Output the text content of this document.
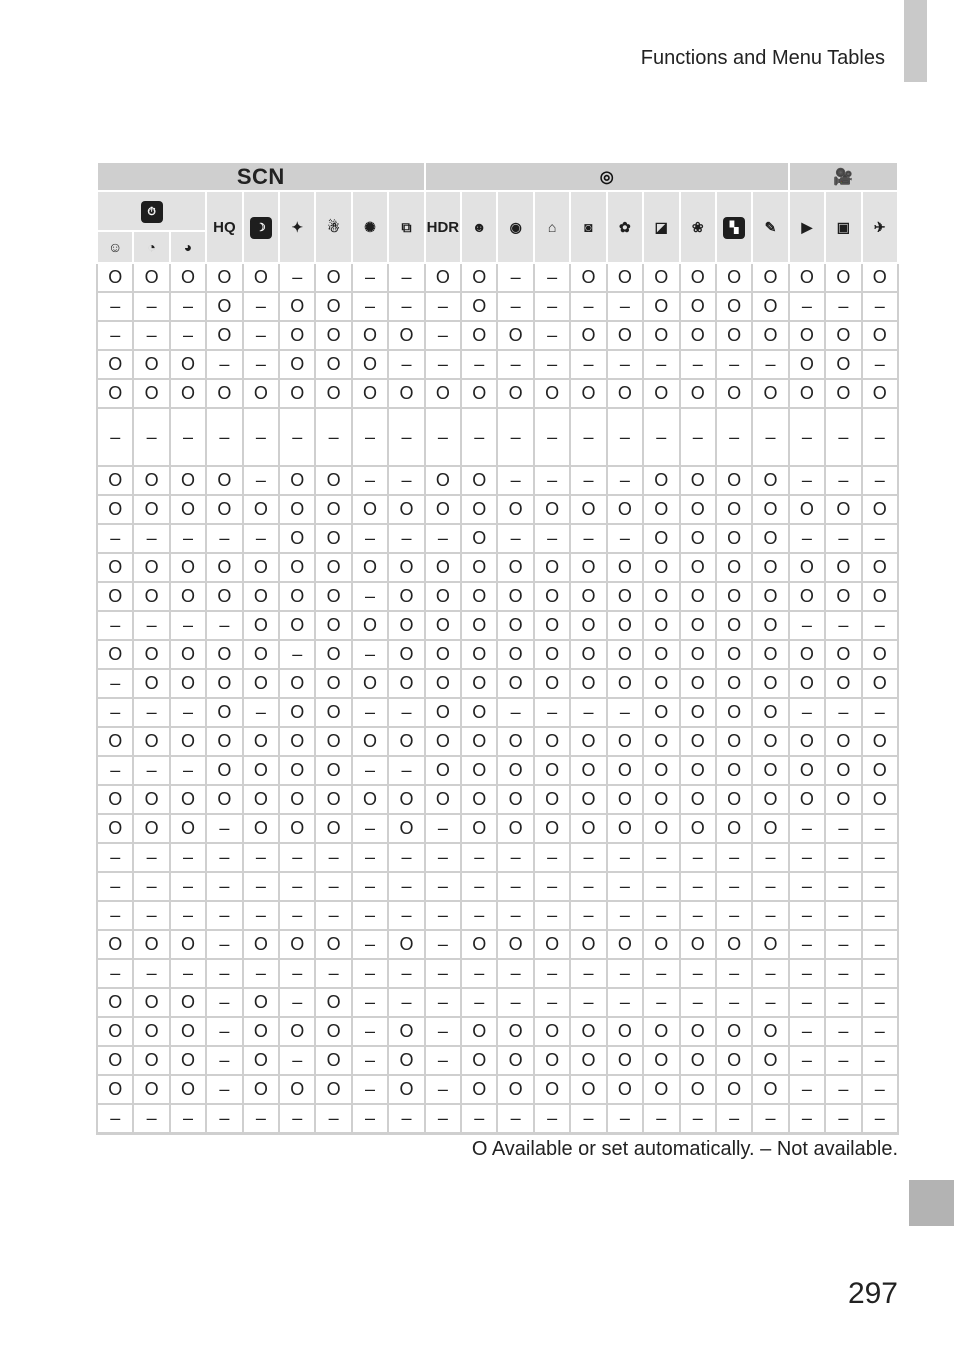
Functions and Menu Tables
SCN									◎										🎥		
⏱			HQ	☽	✦	☃	✺	⧉	HDR	☻	◉	⌂	◙	✿	◪	❀	▚	✎	▶	▣	✈
☺	◔	◕																			
O	O	O	O	O	–	O	–	–	O	O	–	–	O	O	O	O	O	O	O	O	O
–	–	–	O	–	O	O	–	–	–	O	–	–	–	–	O	O	O	O	–	–	–
–	–	–	O	–	O	O	O	O	–	O	O	–	O	O	O	O	O	O	O	O	O
O	O	O	–	–	O	O	O	–	–	–	–	–	–	–	–	–	–	–	O	O	–
O	O	O	O	O	O	O	O	O	O	O	O	O	O	O	O	O	O	O	O	O	O
–	–	–	–	–	–	–	–	–	–	–	–	–	–	–	–	–	–	–	–	–	–
O	O	O	O	–	O	O	–	–	O	O	–	–	–	–	O	O	O	O	–	–	–
O	O	O	O	O	O	O	O	O	O	O	O	O	O	O	O	O	O	O	O	O	O
–	–	–	–	–	O	O	–	–	–	O	–	–	–	–	O	O	O	O	–	–	–
O	O	O	O	O	O	O	O	O	O	O	O	O	O	O	O	O	O	O	O	O	O
O	O	O	O	O	O	O	–	O	O	O	O	O	O	O	O	O	O	O	O	O	O
–	–	–	–	O	O	O	O	O	O	O	O	O	O	O	O	O	O	O	–	–	–
O	O	O	O	O	–	O	–	O	O	O	O	O	O	O	O	O	O	O	O	O	O
–	O	O	O	O	O	O	O	O	O	O	O	O	O	O	O	O	O	O	O	O	O
–	–	–	O	–	O	O	–	–	O	O	–	–	–	–	O	O	O	O	–	–	–
O	O	O	O	O	O	O	O	O	O	O	O	O	O	O	O	O	O	O	O	O	O
–	–	–	O	O	O	O	–	–	O	O	O	O	O	O	O	O	O	O	O	O	O
O	O	O	O	O	O	O	O	O	O	O	O	O	O	O	O	O	O	O	O	O	O
O	O	O	–	O	O	O	–	O	–	O	O	O	O	O	O	O	O	O	–	–	–
–	–	–	–	–	–	–	–	–	–	–	–	–	–	–	–	–	–	–	–	–	–
–	–	–	–	–	–	–	–	–	–	–	–	–	–	–	–	–	–	–	–	–	–
–	–	–	–	–	–	–	–	–	–	–	–	–	–	–	–	–	–	–	–	–	–
O	O	O	–	O	O	O	–	O	–	O	O	O	O	O	O	O	O	O	–	–	–
–	–	–	–	–	–	–	–	–	–	–	–	–	–	–	–	–	–	–	–	–	–
O	O	O	–	O	–	O	–	–	–	–	–	–	–	–	–	–	–	–	–	–	–
O	O	O	–	O	O	O	–	O	–	O	O	O	O	O	O	O	O	O	–	–	–
O	O	O	–	O	–	O	–	O	–	O	O	O	O	O	O	O	O	O	–	–	–
O	O	O	–	O	O	O	–	O	–	O	O	O	O	O	O	O	O	O	–	–	–
–	–	–	–	–	–	–	–	–	–	–	–	–	–	–	–	–	–	–	–	–	–
O Available or set automatically. – Not available.
297
